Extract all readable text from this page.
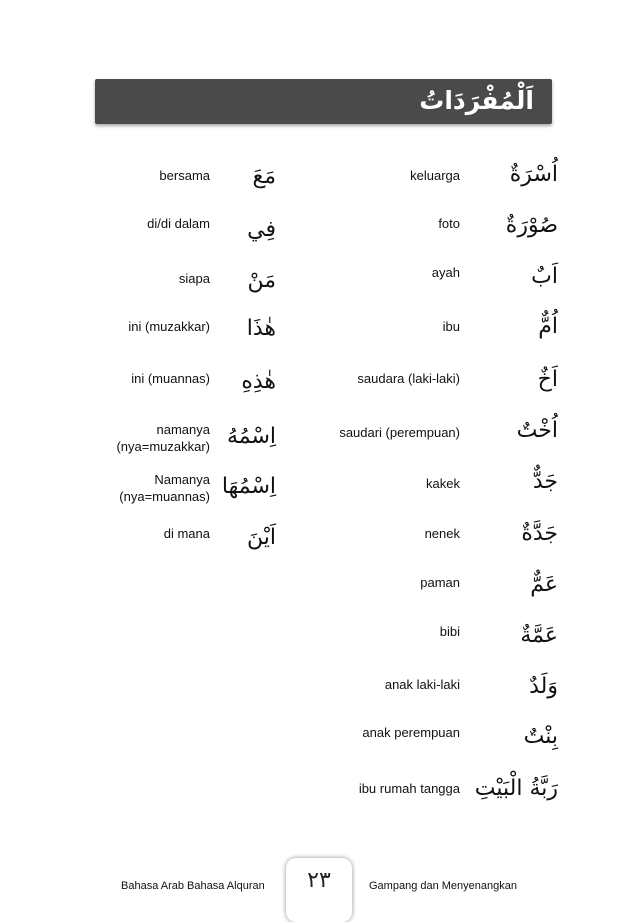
اَلْمُفْرَدَاتُ
اُسْرَةٌ
keluarga
صُوْرَةٌ
foto
اَبٌ
ayah
اُمٌّ
ibu
اَخٌ
saudara (laki-laki)
اُخْتٌ
saudari (perempuan)
جَدٌّ
kakek
جَدَّةٌ
nenek
عَمٌّ
paman
عَمَّةٌ
bibi
وَلَدٌ
anak laki-laki
بِنْتٌ
anak perempuan
رَبَّةُ الْبَيْتِ
ibu rumah tangga
مَعَ
bersama
فِي
di/di dalam
مَنْ
siapa
هٰذَا
ini (muzakkar)
هٰذِهِ
ini (muannas)
اِسْمُهُ
namanya
(nya=muzakkar)
اِسْمُهَا
Namanya
(nya=muannas)
اَيْنَ
di mana
Bahasa Arab Bahasa Alquran	٢٣	Gampang dan Menyenangkan
